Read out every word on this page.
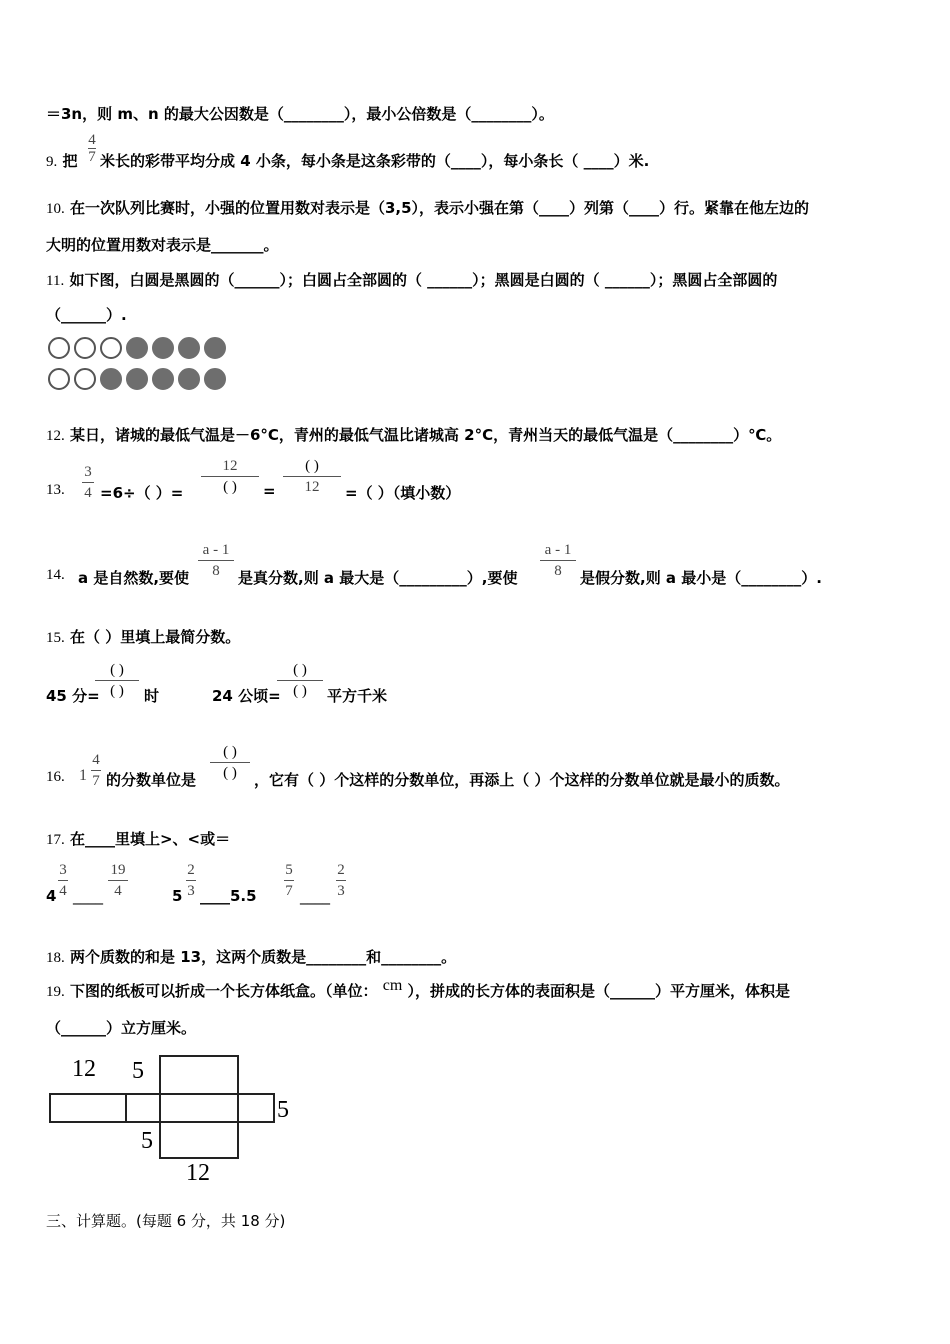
＝3n，则 m、n 的最大公因数是（________），最小公倍数是（________）。
9. 把 米长的彩带平均分成 4 小条，每小条是这条彩带的（____），每小条长（ ____）米.
4
7
10. 在一次队列比赛时，小强的位置用数对表示是（3,5），表示小强在第（____）列第（____）行。紧靠在他左边的
大明的位置用数对表示是_______。
11. 如下图，白圆是黑圆的（______）；白圆占全部圆的（ ______）；黑圆是白圆的（ ______）；黑圆占全部圆的
（______）.
12. 某日，诸城的最低气温是－6°C，青州的最低气温比诸城高 2°C，青州当天的最低气温是（________）℃。
13.
3
4 =6÷（ ）=
12
( )	=
( )
12	=（ ）（填小数）
14. a 是自然数,要使
a - 1
8	是真分数,则 a 最大是（_________）,要使
a - 1
8	是假分数,则 a 最小是（________）.
15. 在（ ）里填上最简分数。
45 分=
( )
( )	时	24 公顷=
( )
( )	平方千米
16. 1
4
7 的分数单位是
( )
( )	，它有（ ）个这样的分数单位，再添上（ ）个这样的分数单位就是最小的质数。
17. 在____里填上>、<或＝
4
3
4 ____
19
4	5
2
3 ____5.5
5
7 ____
2
3
18. 两个质数的和是 13，这两个质数是________和________。
19. 下图的纸板可以折成一个长方体纸盒。（单位： cm ），拼成的长方体的表面积是（______）平方厘米，体积是
（______）立方厘米。
12 5
5
5
12
三、计算题。(每题 6 分，共 18 分)
